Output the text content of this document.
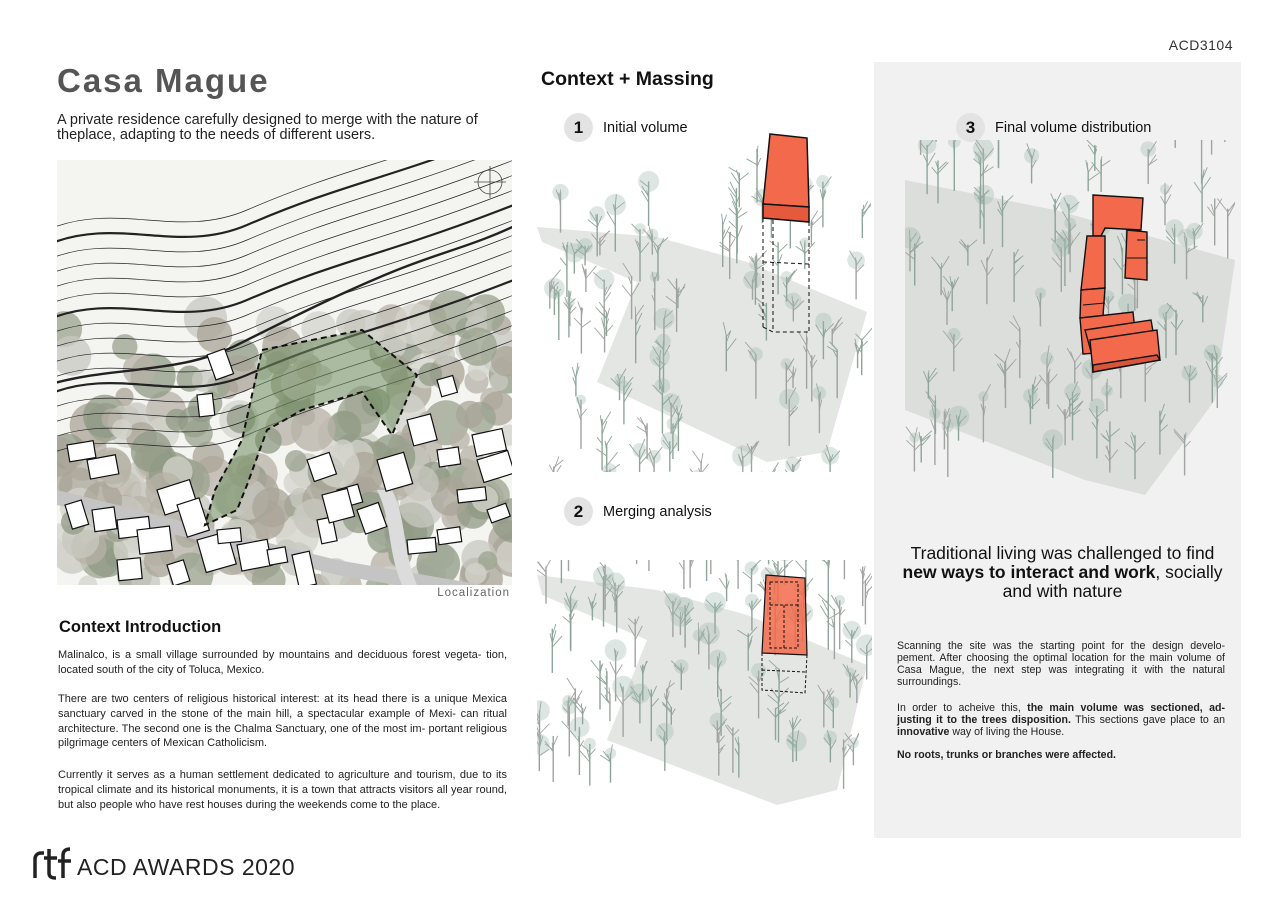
ACD3104
Casa Mague
A private residence carefully designed to merge with the nature of theplace, adapting to the needs of different users.
Localization
Context Introduction
Malinalco, is a small village surrounded by mountains and deciduous forest vegeta- tion, located south of the city of Toluca, Mexico.
There are two centers of religious historical interest: at its head there is a unique Mexica sanctuary carved in the stone of the main hill, a spectacular example of Mexi- can ritual architecture. The second one is the Chalma Sanctuary, one of the most im- portant religious pilgrimage centers of Mexican Catholicism.
Currently it serves as a human settlement dedicated to agriculture and tourism, due to its tropical climate and its historical monuments, it is a town that attracts visitors all year round, but also people who have rest houses during the weekends come to the place.
ACD AWARDS 2020
Context + Massing
1	Initial volume
2	Merging analysis
3	Final volume distribution
Traditional living was challenged to find
new ways to interact and work, socially
and with nature
Scanning the site was the starting point for the design develo- pement. After choosing the optimal location for the main volume of Casa Mague, the next step was integrating it with the natural surroundings.
In order to acheive this, the main volume was sectioned, ad- justing it to the trees disposition. This sections gave place to an innovative way of living the House.
No roots, trunks or branches were affected.
